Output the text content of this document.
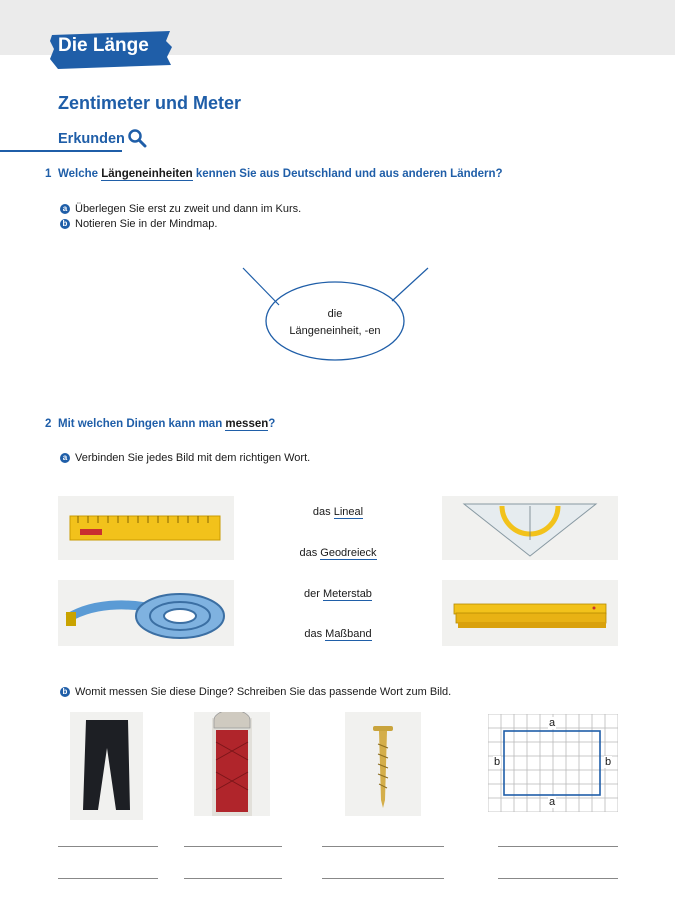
Die Länge
Zentimeter und Meter
Erkunden
1 Welche Längeneinheiten kennen Sie aus Deutschland und aus anderen Ländern?
a Überlegen Sie erst zu zweit und dann im Kurs.
b Notieren Sie in der Mindmap.
die
Längeneinheit, -en
2 Mit welchen Dingen kann man messen?
a Verbinden Sie jedes Bild mit dem richtigen Wort.
das Lineal
das Geodreieck
der Meterstab
das Maßband
b Womit messen Sie diese Dinge? Schreiben Sie das passende Wort zum Bild.
a
a
b	b
